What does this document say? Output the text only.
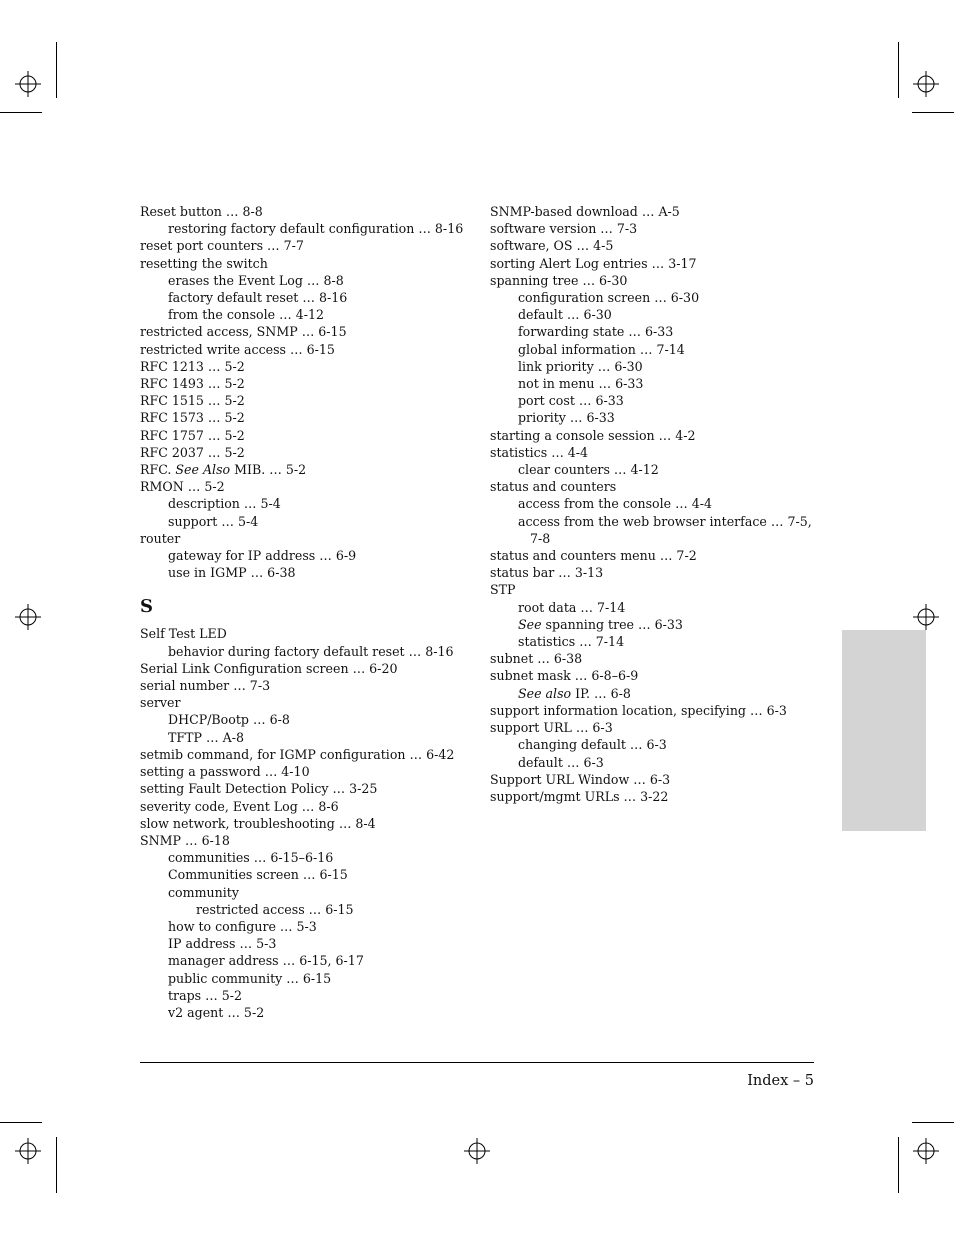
Reset button … 8-8
restoring factory default configuration … 8-16
reset port counters … 7-7
resetting the switch
erases the Event Log … 8-8
factory default reset … 8-16
from the console … 4-12
restricted access, SNMP … 6-15
restricted write access … 6-15
RFC 1213 … 5-2
RFC 1493 … 5-2
RFC 1515 … 5-2
RFC 1573 … 5-2
RFC 1757 … 5-2
RFC 2037 … 5-2
RFC. See Also MIB. … 5-2
RMON … 5-2
description … 5-4
support … 5-4
router
gateway for IP address … 6-9
use in IGMP … 6-38
S
Self Test LED
behavior during factory default reset … 8-16
Serial Link Configuration screen … 6-20
serial number … 7-3
server
DHCP/Bootp … 6-8
TFTP … A-8
setmib command, for IGMP configuration … 6-42
setting a password … 4-10
setting Fault Detection Policy … 3-25
severity code, Event Log … 8-6
slow network, troubleshooting … 8-4
SNMP … 6-18
communities … 6-15–6-16
Communities screen … 6-15
community
restricted access … 6-15
how to configure … 5-3
IP address … 5-3
manager address … 6-15, 6-17
public community … 6-15
traps … 5-2
v2 agent … 5-2
SNMP-based download … A-5
software version … 7-3
software, OS … 4-5
sorting Alert Log entries … 3-17
spanning tree … 6-30
configuration screen … 6-30
default … 6-30
forwarding state … 6-33
global information … 7-14
link priority … 6-30
not in menu … 6-33
port cost … 6-33
priority … 6-33
starting a console session … 4-2
statistics … 4-4
clear counters … 4-12
status and counters
access from the console … 4-4
access from the web browser interface … 7-5,
7-8
status and counters menu … 7-2
status bar … 3-13
STP
root data … 7-14
See spanning tree … 6-33
statistics … 7-14
subnet … 6-38
subnet mask … 6-8–6-9
See also IP. … 6-8
support information location, specifying … 6-3
support URL … 6-3
changing default … 6-3
default … 6-3
Support URL Window … 6-3
support/mgmt URLs … 3-22
Index – 5
